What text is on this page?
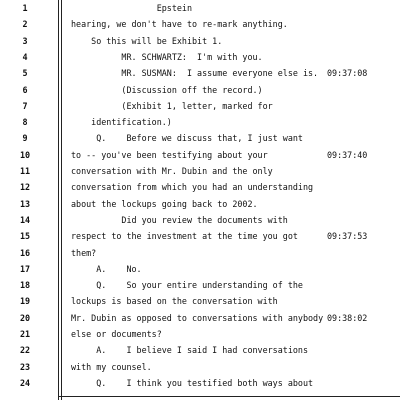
1	Epstein
2	hearing, we don't have to re-mark anything.
3	So this will be Exhibit 1.
4	MR. SCHWARTZ:  I'm with you.
5	MR. SUSMAN:  I assume everyone else is.	09:37:08
6	(Discussion off the record.)
7	(Exhibit 1, letter, marked for
8	identification.)
9	Q.    Before we discuss that, I just want
10	to -- you've been testifying about your	09:37:40
11	conversation with Mr. Dubin and the only
12	conversation from which you had an understanding
13	about the lockups going back to 2002.
14	Did you review the documents with
15	respect to the investment at the time you got	09:37:53
16	them?
17	A.    No.
18	Q.    So your entire understanding of the
19	lockups is based on the conversation with
20	Mr. Dubin as opposed to conversations with anybody 09:38:02
21	else or documents?
22	A.    I believe I said I had conversations
23	with my counsel.
24	Q.    I think you testified both ways about
